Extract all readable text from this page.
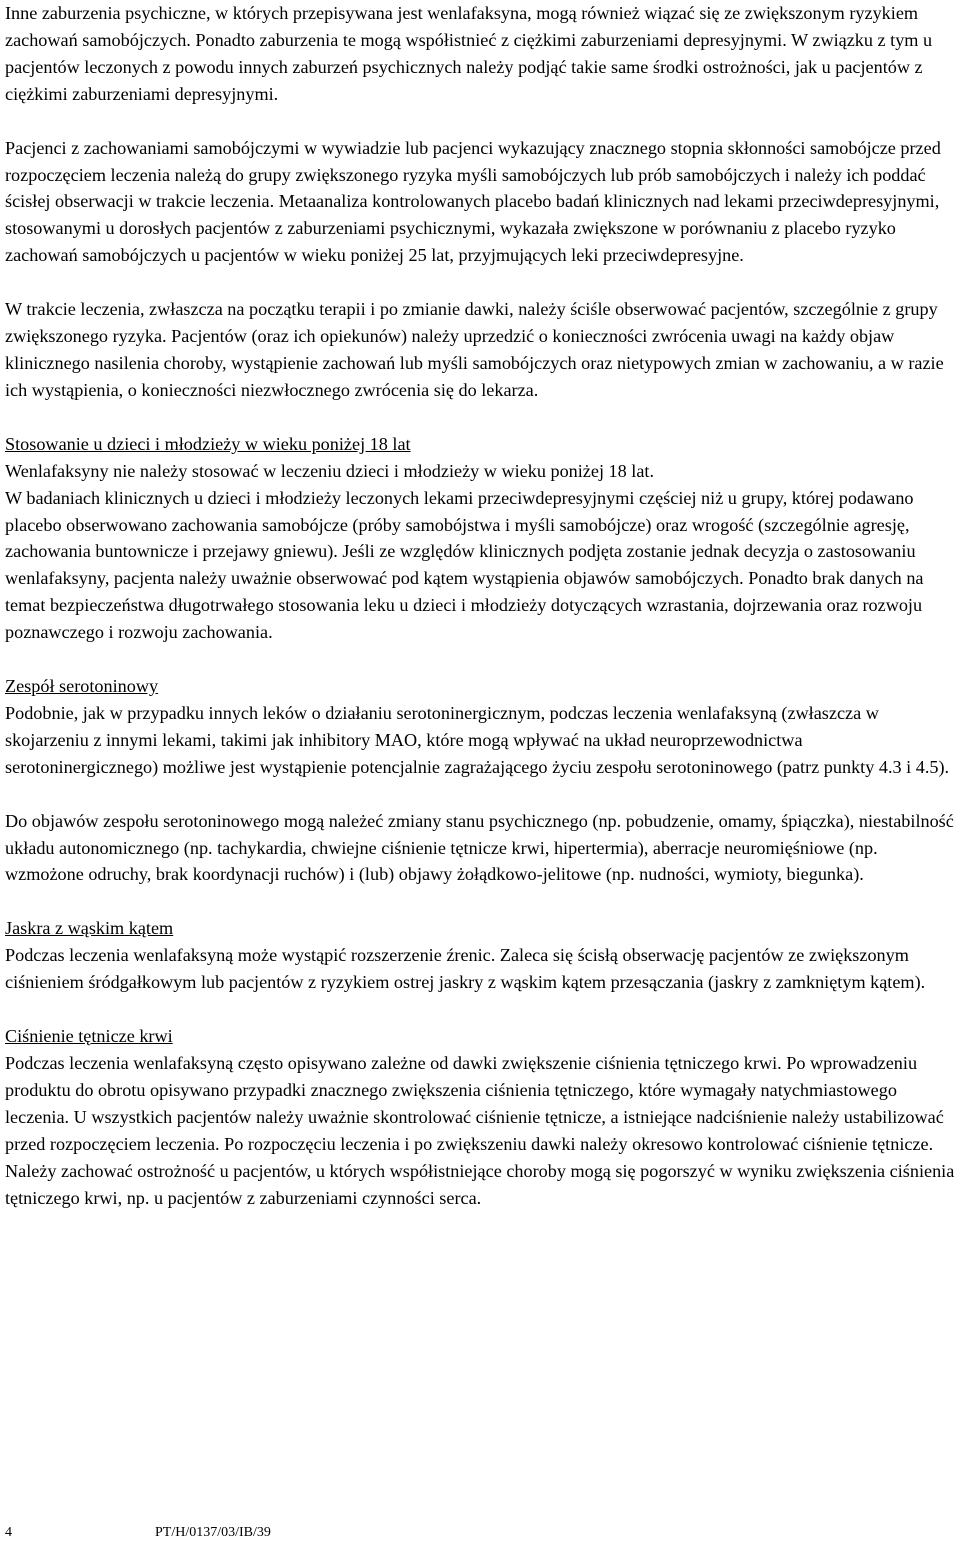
Inne zaburzenia psychiczne, w których przepisywana jest wenlafaksyna, mogą również wiązać się ze zwiększonym ryzykiem zachowań samobójczych. Ponadto zaburzenia te mogą współistnieć z ciężkimi zaburzeniami depresyjnymi. W związku z tym u pacjentów leczonych z powodu innych zaburzeń psychicznych należy podjąć takie same środki ostrożności, jak u pacjentów z ciężkimi zaburzeniami depresyjnymi.

Pacjenci z zachowaniami samobójczymi w wywiadzie lub pacjenci wykazujący znacznego stopnia skłonności samobójcze przed rozpoczęciem leczenia należą do grupy zwiększonego ryzyka myśli samobójczych lub prób samobójczych i należy ich poddać ścisłej obserwacji w trakcie leczenia. Metaanaliza kontrolowanych placebo badań klinicznych nad lekami przeciwdepresyjnymi, stosowanymi u dorosłych pacjentów z zaburzeniami psychicznymi, wykazała zwiększone w porównaniu z placebo ryzyko zachowań samobójczych u pacjentów w wieku poniżej 25 lat, przyjmujących leki przeciwdepresyjne.

W trakcie leczenia, zwłaszcza na początku terapii i po zmianie dawki, należy ściśle obserwować pacjentów, szczególnie z grupy zwiększonego ryzyka. Pacjentów (oraz ich opiekunów) należy uprzedzić o konieczności zwrócenia uwagi na każdy objaw klinicznego nasilenia choroby, wystąpienie zachowań lub myśli samobójczych oraz nietypowych zmian w zachowaniu, a w razie ich wystąpienia, o konieczności niezwłocznego zwrócenia się do lekarza.

Stosowanie u dzieci i młodzieży w wieku poniżej 18 lat

Wenlafaksyny nie należy stosować w leczeniu dzieci i młodzieży w wieku poniżej 18 lat.

W badaniach klinicznych u dzieci i młodzieży leczonych lekami przeciwdepresyjnymi częściej niż u grupy, której podawano placebo obserwowano zachowania samobójcze (próby samobójstwa i myśli samobójcze) oraz wrogość (szczególnie agresję, zachowania buntownicze i przejawy gniewu). Jeśli ze względów klinicznych podjęta zostanie jednak decyzja o zastosowaniu wenlafaksyny, pacjenta należy uważnie obserwować pod kątem wystąpienia objawów samobójczych. Ponadto brak danych na temat bezpieczeństwa długotrwałego stosowania leku u dzieci i młodzieży dotyczących wzrastania, dojrzewania oraz rozwoju poznawczego i rozwoju zachowania.

Zespół serotoninowy

Podobnie, jak w przypadku innych leków o działaniu serotoninergicznym, podczas leczenia wenlafaksyną (zwłaszcza w skojarzeniu z innymi lekami, takimi jak inhibitory MAO, które mogą wpływać na układ neuroprzewodnictwa serotoninergicznego) możliwe jest wystąpienie potencjalnie zagrażającego życiu zespołu serotoninowego (patrz punkty 4.3 i 4.5).

Do objawów zespołu serotoninowego mogą należeć zmiany stanu psychicznego (np. pobudzenie, omamy, śpiączka), niestabilność układu autonomicznego (np. tachykardia, chwiejne ciśnienie tętnicze krwi, hipertermia), aberracje neuromięśniowe (np. wzmożone odruchy, brak koordynacji ruchów) i (lub) objawy żołądkowo-jelitowe (np. nudności, wymioty, biegunka).

Jaskra z wąskim kątem

Podczas leczenia wenlafaksyną może wystąpić rozszerzenie źrenic. Zaleca się ścisłą obserwację pacjentów ze zwiększonym ciśnieniem śródgałkowym lub pacjentów z ryzykiem ostrej jaskry z wąskim kątem przesączania (jaskry z zamkniętym kątem).

Ciśnienie tętnicze krwi

Podczas leczenia wenlafaksyną często opisywano zależne od dawki zwiększenie ciśnienia tętniczego krwi. Po wprowadzeniu produktu do obrotu opisywano przypadki znacznego zwiększenia ciśnienia tętniczego, które wymagały natychmiastowego leczenia. U wszystkich pacjentów należy uważnie skontrolować ciśnienie tętnicze, a istniejące nadciśnienie należy ustabilizować przed rozpoczęciem leczenia. Po rozpoczęciu leczenia i po zwiększeniu dawki należy okresowo kontrolować ciśnienie tętnicze. Należy zachować ostrożność u pacjentów, u których współistniejące choroby mogą się pogorszyć w wyniku zwiększenia ciśnienia tętniczego krwi, np. u pacjentów z zaburzeniami czynności serca.

4	PT/H/0137/03/IB/39
